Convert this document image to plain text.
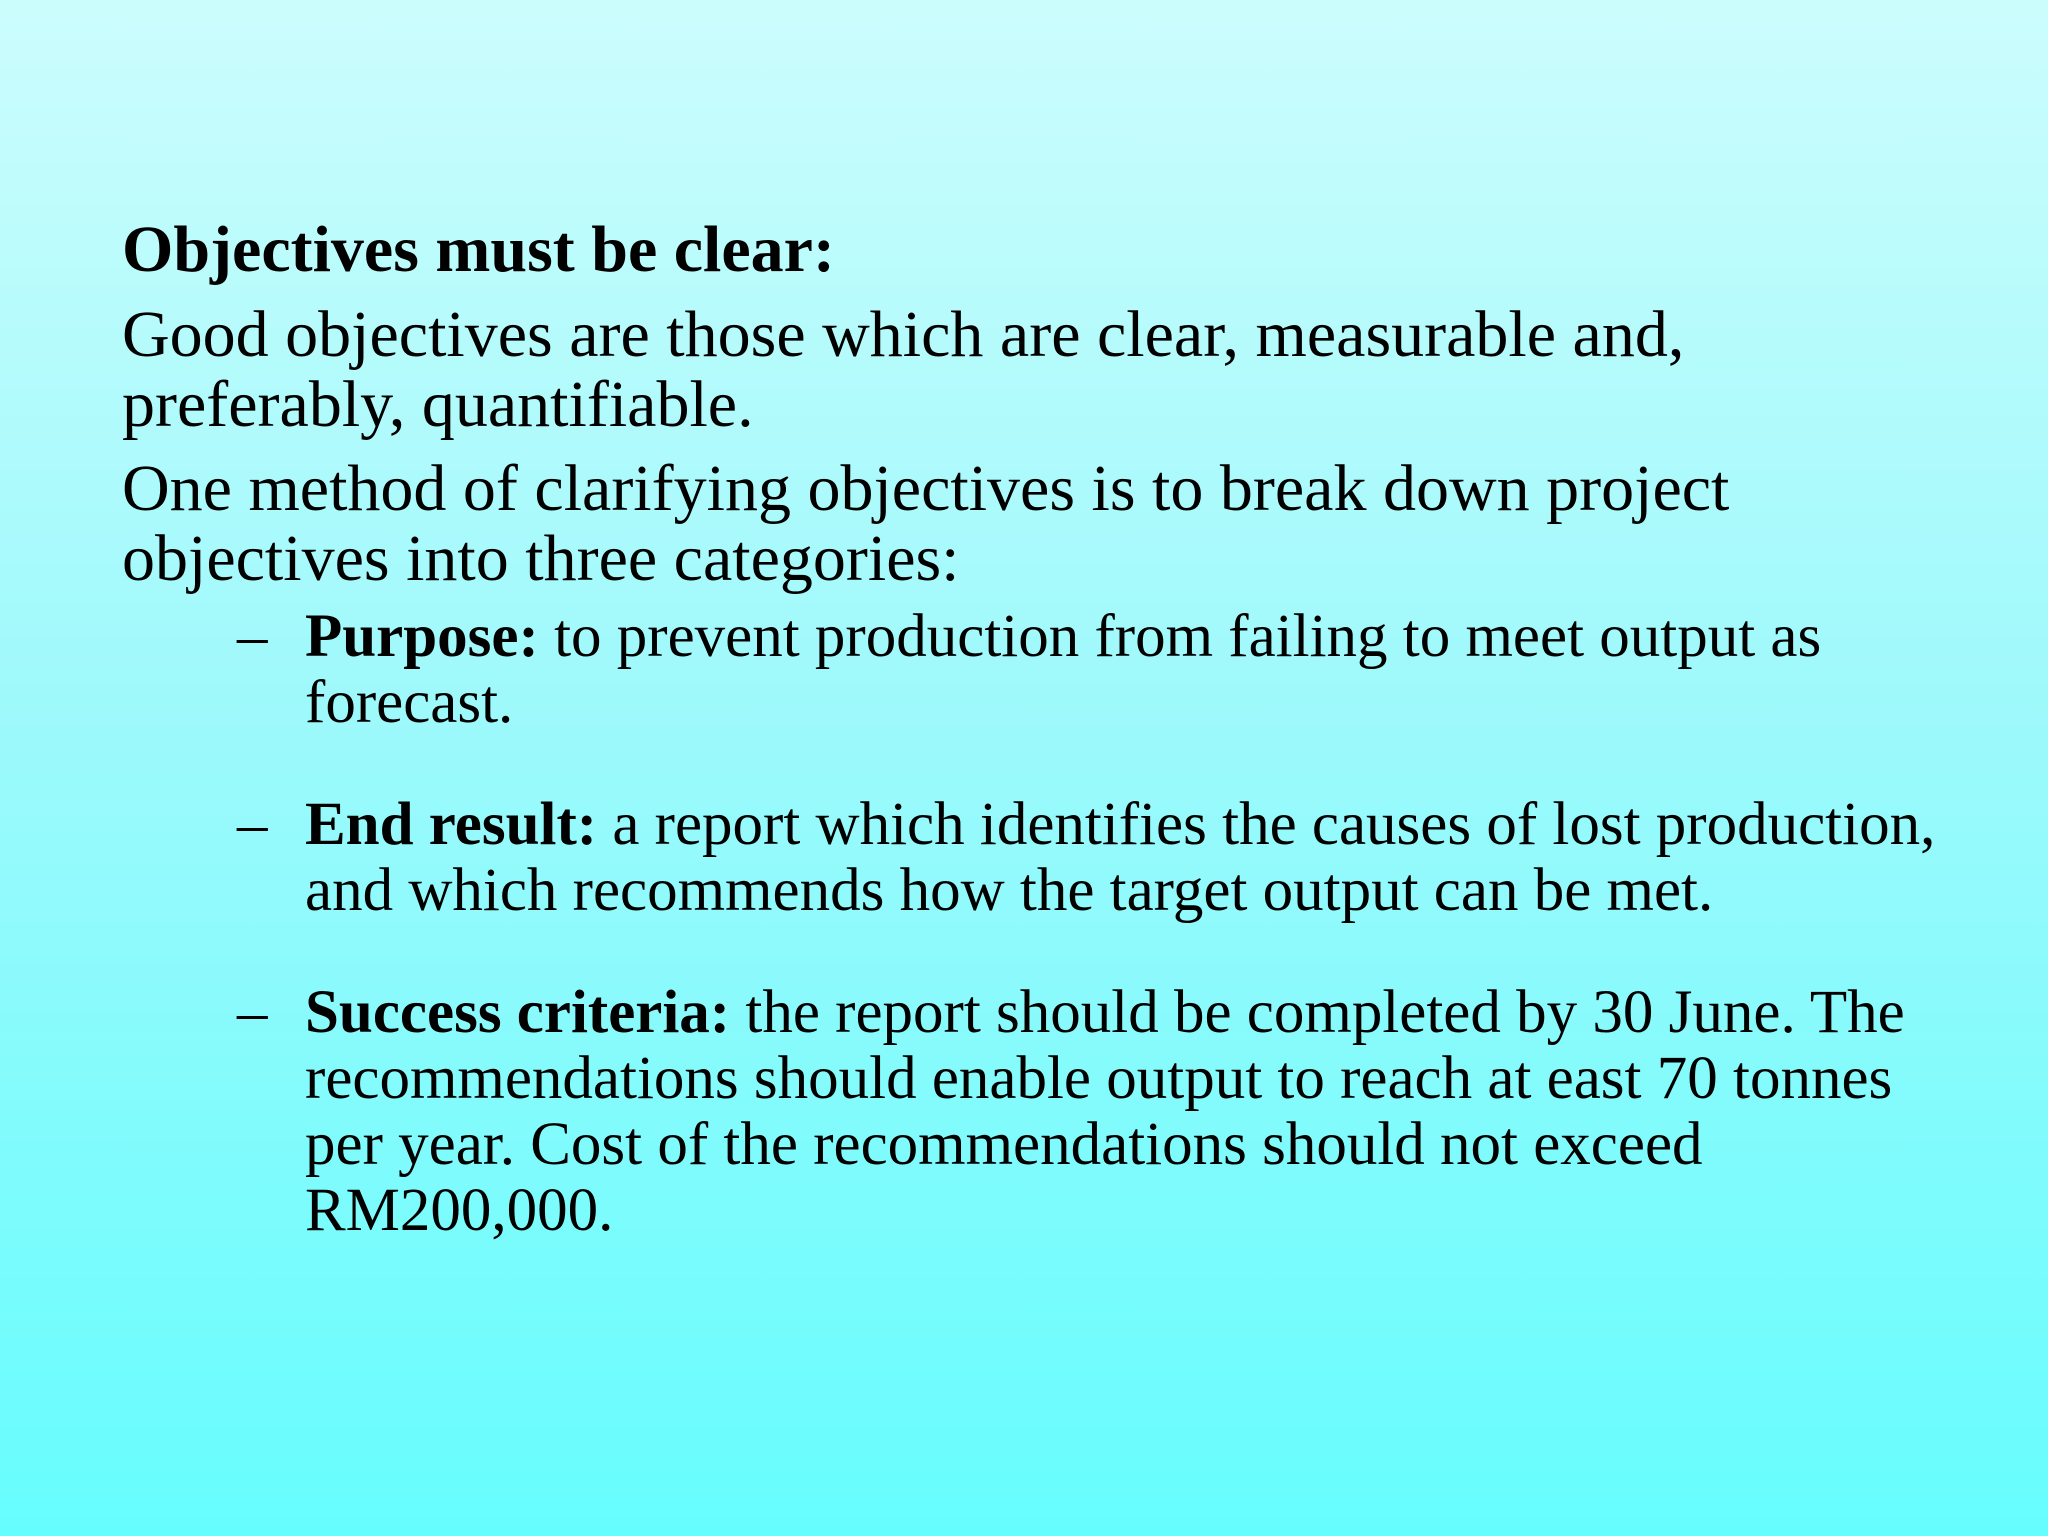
Objectives must be clear:

Good objectives are those which are clear, measurable and, preferably, quantifiable.

One method of clarifying objectives is to break down project objectives into three categories:

– Purpose: to prevent production from failing to meet output as forecast.

– End result: a report which identifies the causes of lost production, and which recommends how the target output can be met.

– Success criteria: the report should be completed by 30 June. The recommendations should enable output to reach at east 70 tonnes per year. Cost of the recommendations should not exceed RM200,000.
